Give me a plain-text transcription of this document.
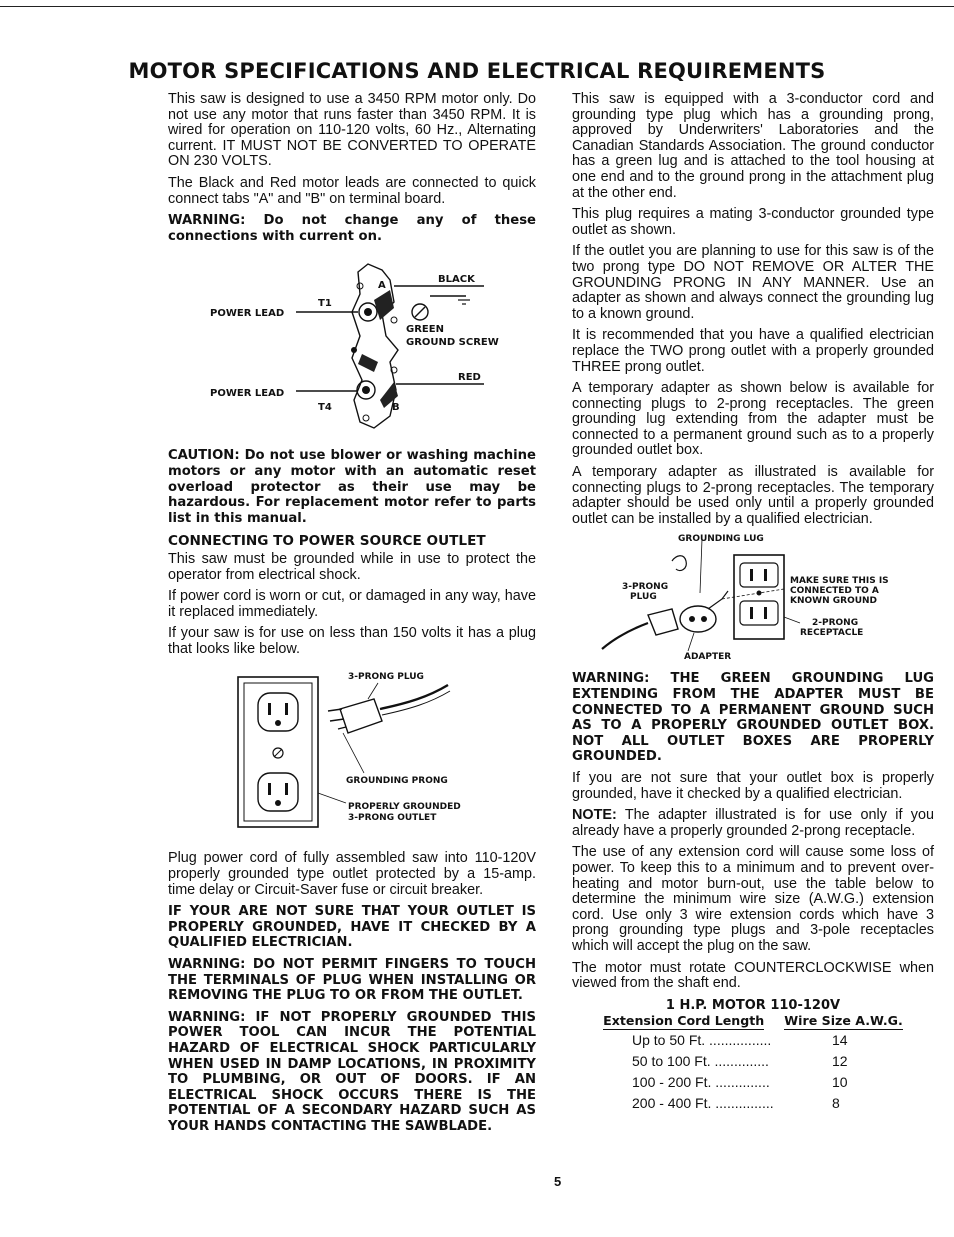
MOTOR SPECIFICATIONS AND ELECTRICAL REQUIREMENTS

This saw is designed to use a 3450 RPM motor only. Do not use any motor that runs faster than 3450 RPM. It is wired for operation on 110-120 volts, 60 Hz., Alternating current. IT MUST NOT BE CONVERTED TO OPERATE ON 230 VOLTS.

The Black and Red motor leads are connected to quick connect tabs "A" and "B" on terminal board.

WARNING: Do not change any of these connections with current on.

BLACK
POWER LEAD
T1
A
GREEN
GROUND SCREW
RED
POWER LEAD
T4	B

CAUTION: Do not use blower or washing machine motors or any motor with an automatic reset overload protector as their use may be hazardous. For replacement motor refer to parts list in this manual.

CONNECTING TO POWER SOURCE OUTLET

This saw must be grounded while in use to protect the operator from electrical shock.

If power cord is worn or cut, or damaged in any way, have it replaced immediately.

If your saw is for use on less than 150 volts it has a plug that looks like below.

3-PRONG PLUG
GROUNDING PRONG
PROPERLY GROUNDED
3-PRONG OUTLET

Plug power cord of fully assembled saw into 110-120V properly grounded type outlet protected by a 15-amp. time delay or Circuit-Saver fuse or circuit breaker.

IF YOUR ARE NOT SURE THAT YOUR OUTLET IS PROPERLY GROUNDED, HAVE IT CHECKED BY A QUALIFIED ELECTRICIAN.

WARNING: DO NOT PERMIT FINGERS TO TOUCH THE TERMINALS OF PLUG WHEN INSTALLING OR REMOVING THE PLUG TO OR FROM THE OUTLET.

WARNING: IF NOT PROPERLY GROUNDED THIS POWER TOOL CAN INCUR THE POTENTIAL HAZARD OF ELECTRICAL SHOCK PARTICULARLY WHEN USED IN DAMP LOCATIONS, IN PROXIMITY TO PLUMBING, OR OUT OF DOORS. IF AN ELECTRICAL SHOCK OCCURS THERE IS THE POTENTIAL OF A SECONDARY HAZARD SUCH AS YOUR HANDS CONTACTING THE SAWBLADE.

This saw is equipped with a 3-conductor cord and grounding type plug which has a grounding prong, approved by Underwriters' Laboratories and the Canadian Standards Association. The ground conductor has a green lug and is attached to the tool housing at one end and to the ground prong in the attachment plug at the other end.

This plug requires a mating 3-conductor grounded type outlet as shown.

If the outlet you are planning to use for this saw is of the two prong type DO NOT REMOVE OR ALTER THE GROUNDING PRONG IN ANY MANNER. Use an adapter as shown and always connect the grounding lug to a known ground.

It is recommended that you have a qualified electrician replace the TWO prong outlet with a properly grounded THREE prong outlet.

A temporary adapter as shown below is available for connecting plugs to 2-prong receptacles. The green grounding lug extending from the adapter must be connected to a permanent ground such as to a properly grounded outlet box.

A temporary adapter as illustrated is available for connecting plugs to 2-prong receptacles. The temporary adapter should be used only until a properly grounded outlet can be installed by a qualified electrician.

GROUNDING LUG
3-PRONG
PLUG
MAKE SURE THIS IS
CONNECTED TO A
KNOWN GROUND
2-PRONG
RECEPTACLE
ADAPTER

WARNING: THE GREEN GROUNDING LUG EXTENDING FROM THE ADAPTER MUST BE CONNECTED TO A PERMANENT GROUND SUCH AS TO A PROPERLY GROUNDED OUTLET BOX. NOT ALL OUTLET BOXES ARE PROPERLY GROUNDED.

If you are not sure that your outlet box is properly grounded, have it checked by a qualified electrician.

NOTE: The adapter illustrated is for use only if you already have a properly grounded 2-prong receptacle.

The use of any extension cord will cause some loss of power. To keep this to a minimum and to prevent over-heating and motor burn-out, use the table below to determine the minimum wire size (A.W.G.) extension cord. Use only 3 wire extension cords which have 3 prong grounding type plugs and 3-pole receptacles which will accept the plug on the saw.

The motor must rotate COUNTERCLOCKWISE when viewed from the shaft end.

1 H.P. MOTOR 110-120V
Extension Cord Length Wire Size A.W.G.
Up to 50 Ft. ................	14
50 to 100 Ft. ..............	12
100 - 200 Ft. ..............	10
200 - 400 Ft. ...............	8
5
